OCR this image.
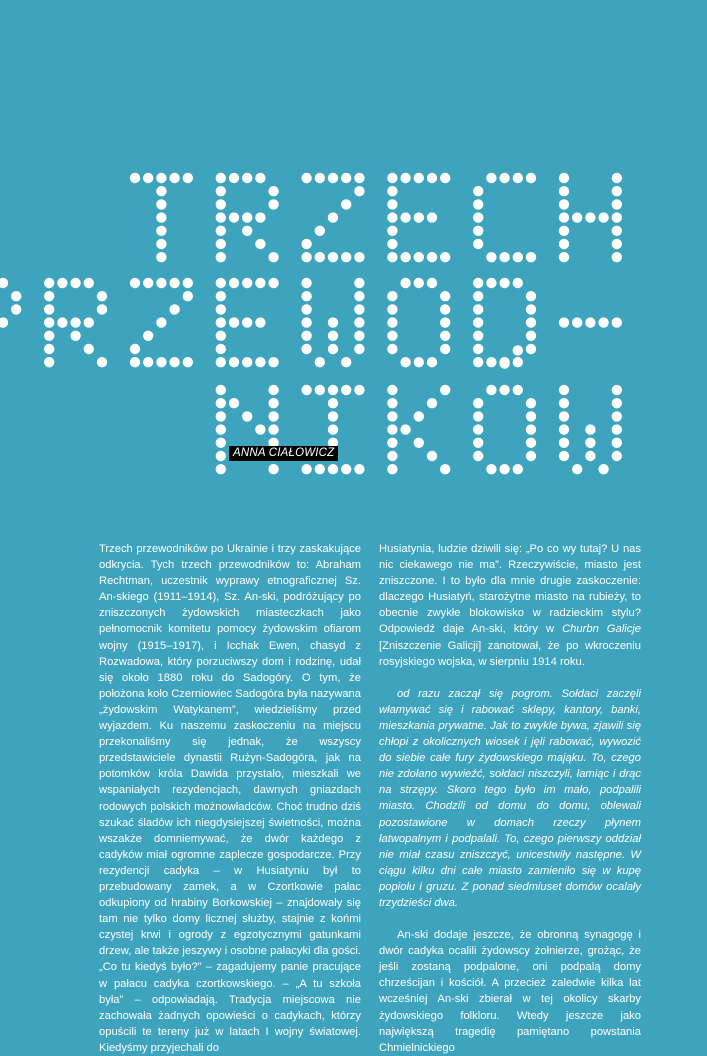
ANNA CIAŁOWICZ

Trzech przewodników po Ukrainie i trzy zaskakujące odkrycia. Tych trzech przewodników to: Abraham Rechtman, uczestnik wyprawy etnograficznej Sz. An-skiego (1911–1914), Sz. An-ski, podróżujący po zniszczonych żydowskich miasteczkach jako pełnomocnik komitetu pomocy żydowskim ofiarom wojny (1915–1917), i Icchak Ewen, chasyd z Rozwadowa, który porzuciwszy dom i rodzinę, udał się około 1880 roku do Sadogóry. O tym, że położona koło Czerniowiec Sadogóra była nazywana „żydowskim Watykanem”, wiedzieliśmy przed wyjazdem. Ku naszemu zaskoczeniu na miejscu przekonaliśmy się jednak, że wszyscy przedstawiciele dynastii Rużyn-Sadogóra, jak na potomków króla Dawida przystało, mieszkali we wspaniałych rezydencjach, dawnych gniazdach rodowych polskich możnowładców. Choć trudno dziś szukać śladów ich niegdysiejszej świetności, można wszakże domniemywać, że dwór każdego z cadyków miał ogromne zaplecze gospodarcze. Przy rezydencji cadyka – w Husiatyniu był to przebudowany zamek, a w Czortkowie pałac odkupiony od hrabiny Borkowskiej – znajdowały się tam nie tylko domy licznej służby, stajnie z końmi czystej krwi i ogrody z egzotycznymi gatunkami drzew, ale także jeszywy i osobne pałacyki dla gości. „Co tu kiedyś było?” – zagadujemy panie pracujące w pałacu cadyka czortkowskiego. – „A tu szkoła była” – odpowiadają. Tradycja miejscowa nie zachowała żadnych opowieści o cadykach, którzy opuścili te tereny już w latach I wojny światowej. Kiedyśmy przyjechali do

Husiatynia, ludzie dziwili się: „Po co wy tutaj? U nas nic ciekawego nie ma”. Rzeczywiście, miasto jest zniszczone. I to było dla mnie drugie zaskoczenie: dlaczego Husiatyń, starożytne miasto na rubieży, to obecnie zwykłe blokowisko w radzieckim stylu? Odpowiedź daje An-ski, który w Churbn Galicje [Zniszczenie Galicji] zanotował, że po wkroczeniu rosyjskiego wojska, w sierpniu 1914 roku.

od razu zaczął się pogrom. Sołdaci zaczęli włamywać się i rabować sklepy, kantory, banki, mieszkania prywatne. Jak to zwykle bywa, zjawili się chłopi z okolicznych wiosek i jęli rabować, wywozić do siebie całe fury żydowskiego mająku. To, czego nie zdołano wywieźć, sołdaci niszczyli, łamiąc i drąc na strzępy. Skoro tego było im mało, podpalili miasto. Chodzili od domu do domu, oblewali pozostawione w domach rzeczy płynem łatwopalnym i podpalali. To, czego pierwszy oddział nie miał czasu zniszczyć, unicestwiły następne. W ciągu kilku dni całe miasto zamieniło się w kupę popiołu i gruzu. Z ponad siedmiuset domów ocalały trzydzieści dwa.

An-ski dodaje jeszcze, że obronną synagogę i dwór cadyka ocalili żydowscy żołnierze, grożąc, że jeśli zostaną podpalone, oni podpalą domy chrześcijan i kościół. A przecież zaledwie kilka lat wcześniej An-ski zbierał w tej okolicy skarby żydowskiego folkloru. Wtedy jeszcze jako największą tragedię pamiętano powstania Chmielnickiego
